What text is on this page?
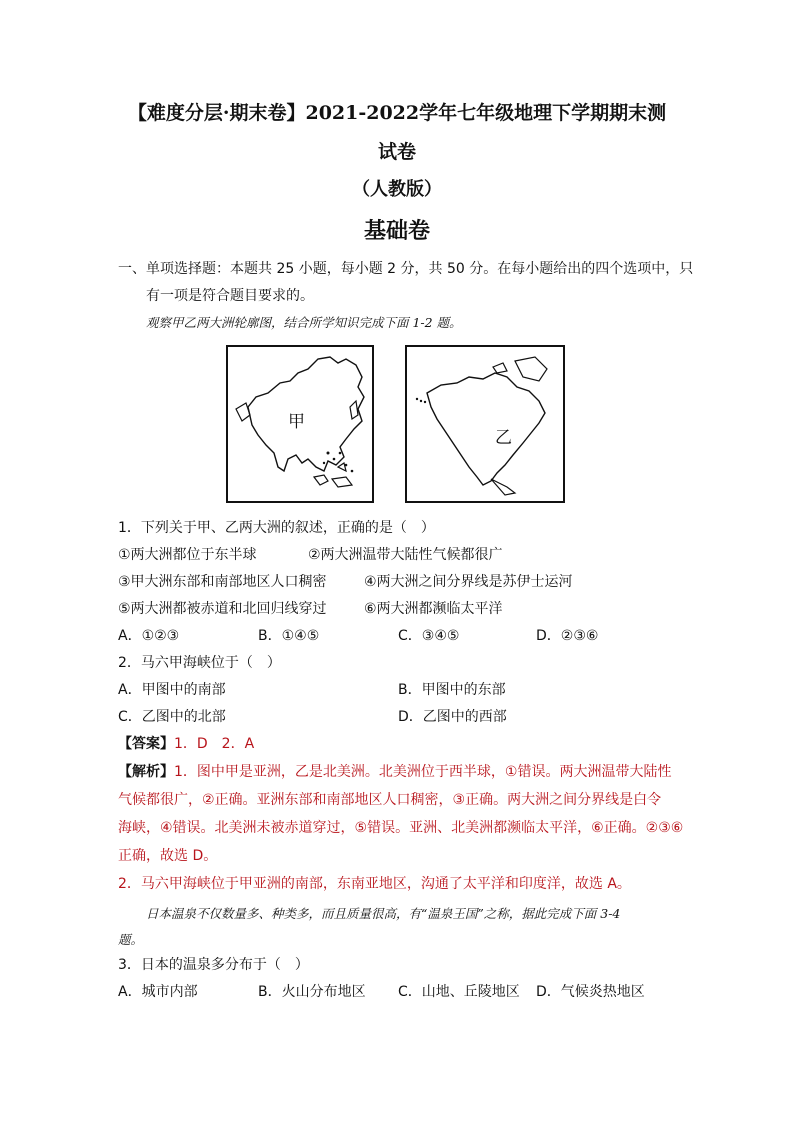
【难度分层·期末卷】2021-2022学年七年级地理下学期期末测
试卷
（人教版）
基础卷
一、单项选择题：本题共 25 小题，每小题 2 分，共 50 分。在每小题给出的四个选项中，只
有一项是符合题目要求的。
观察甲乙两大洲轮廓图，结合所学知识完成下面 1-2 题。
甲
乙
1．下列关于甲、乙两大洲的叙述，正确的是（　）
①两大洲都位于东半球	②两大洲温带大陆性气候都很广
③甲大洲东部和南部地区人口稠密	④两大洲之间分界线是苏伊士运河
⑤两大洲都被赤道和北回归线穿过	⑥两大洲都濒临太平洋
A．①②③	B．①④⑤	C．③④⑤	D．②③⑥
2．马六甲海峡位于（　）
A．甲图中的南部	B．甲图中的东部
C．乙图中的北部	D．乙图中的西部
【答案】1．D　2．A
【解析】1．图中甲是亚洲，乙是北美洲。北美洲位于西半球，①错误。两大洲温带大陆性
气候都很广，②正确。亚洲东部和南部地区人口稠密，③正确。两大洲之间分界线是白令
海峡，④错误。北美洲未被赤道穿过，⑤错误。亚洲、北美洲都濒临太平洋，⑥正确。②③⑥
正确，故选 D。
2．马六甲海峡位于甲亚洲的南部，东南亚地区，沟通了太平洋和印度洋，故选 A。
日本温泉不仅数量多、种类多，而且质量很高，有“温泉王国”之称，据此完成下面 3-4
题。
3．日本的温泉多分布于（　）
A．城市内部	B．火山分布地区 C．山地、丘陵地区 D．气候炎热地区
